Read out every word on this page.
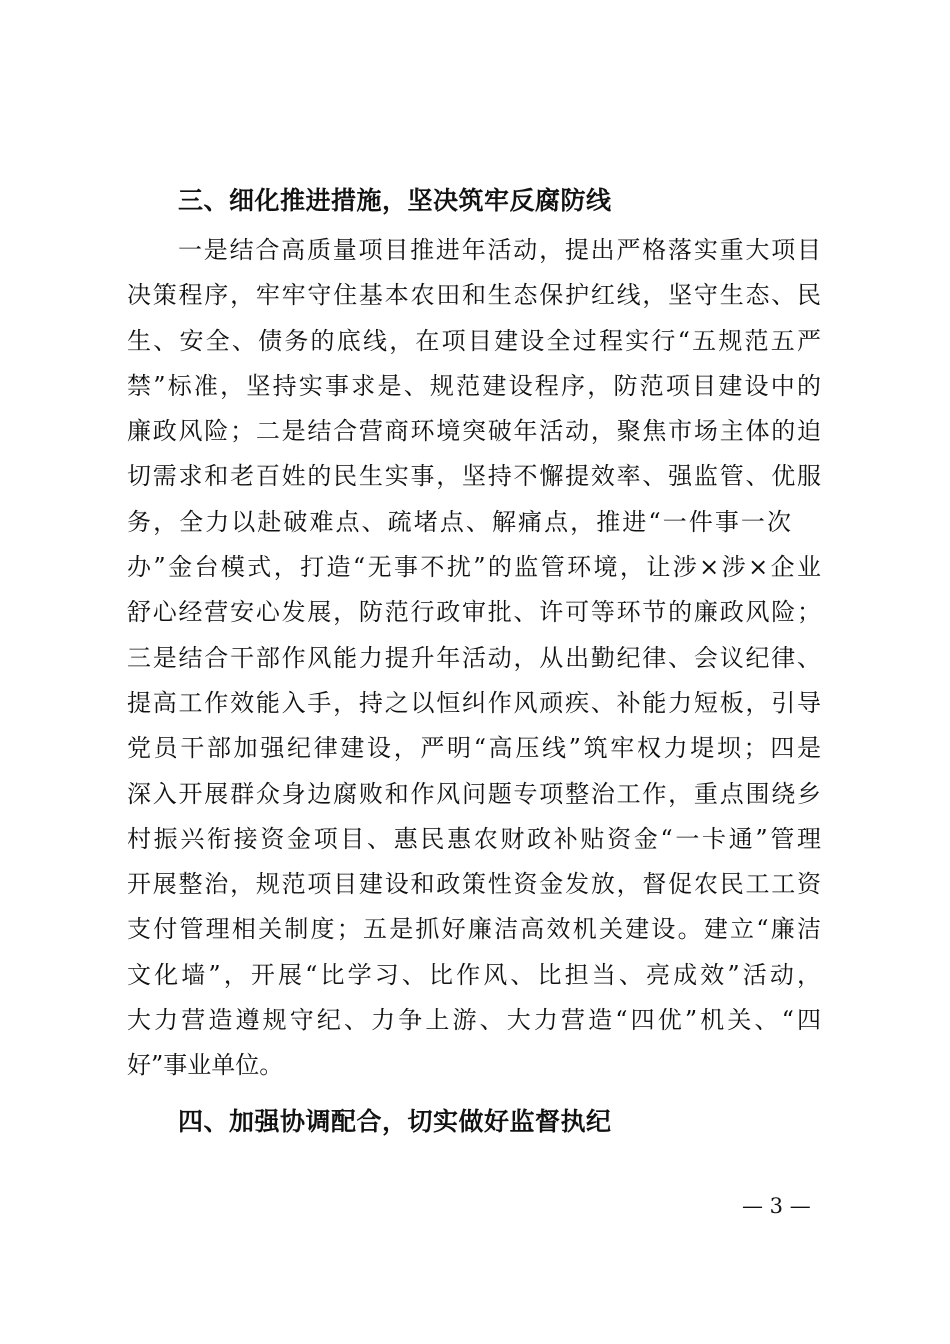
三、细化推进措施，坚决筑牢反腐防线
一是结合高质量项目推进年活动，提出严格落实重大项目
决策程序，牢牢守住基本农田和生态保护红线，坚守生态、民
生、安全、债务的底线，在项目建设全过程实行“五规范五严
禁”标准，坚持实事求是、规范建设程序，防范项目建设中的
廉政风险；二是结合营商环境突破年活动，聚焦市场主体的迫
切需求和老百姓的民生实事，坚持不懈提效率、强监管、优服
务，全力以赴破难点、疏堵点、解痛点，推进“一件事一次
办”金台模式，打造“无事不扰”的监管环境，让涉×涉×企业
舒心经营安心发展，防范行政审批、许可等环节的廉政风险；
三是结合干部作风能力提升年活动，从出勤纪律、会议纪律、
提高工作效能入手，持之以恒纠作风顽疾、补能力短板，引导
党员干部加强纪律建设，严明“高压线”筑牢权力堤坝；四是
深入开展群众身边腐败和作风问题专项整治工作，重点围绕乡
村振兴衔接资金项目、惠民惠农财政补贴资金“一卡通”管理
开展整治，规范项目建设和政策性资金发放，督促农民工工资
支付管理相关制度；五是抓好廉洁高效机关建设。建立“廉洁
文化墙”，开展“比学习、比作风、比担当、亮成效”活动，
大力营造遵规守纪、力争上游、大力营造“四优”机关、“四
好”事业单位。
四、加强协调配合，切实做好监督执纪
— 3 —
